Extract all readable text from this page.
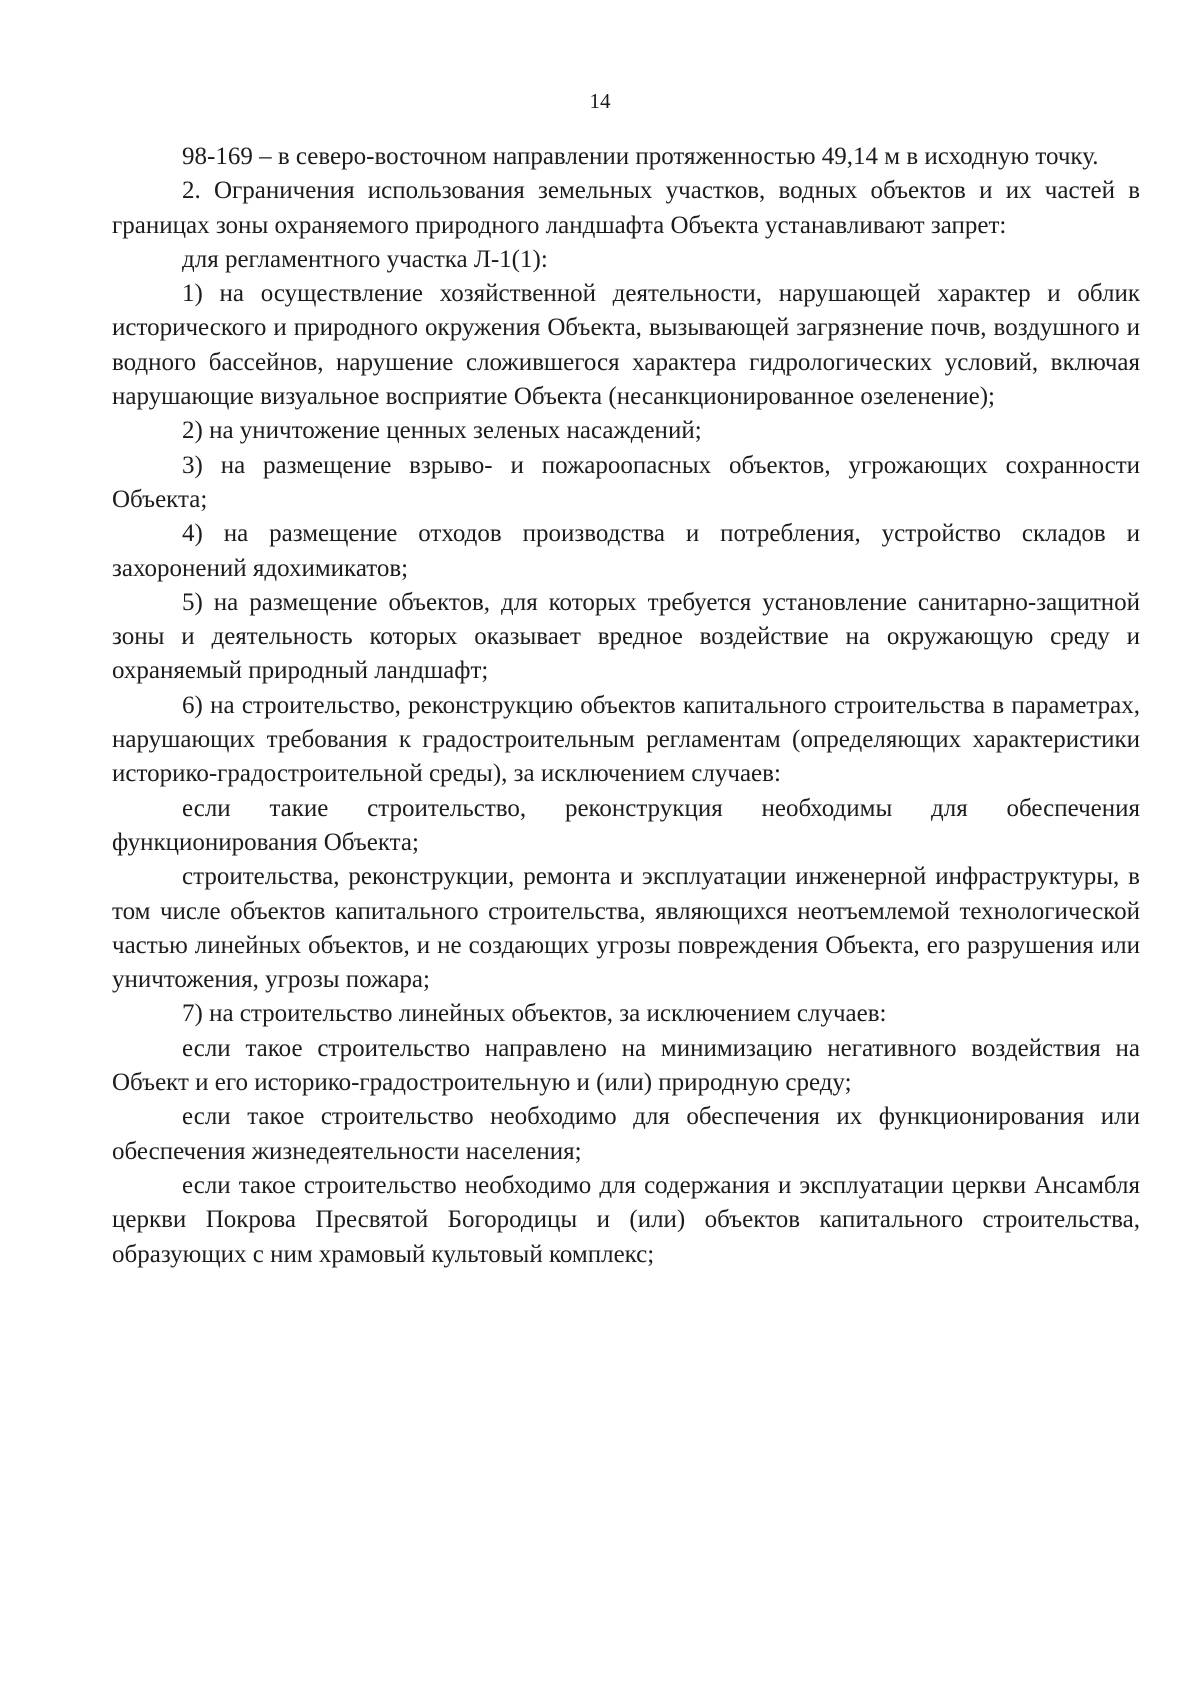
14

98-169 – в северо-восточном направлении протяженностью 49,14 м в исходную точку.

2. Ограничения использования земельных участков, водных объектов и их частей в границах зоны охраняемого природного ландшафта Объекта устанавливают запрет:

для регламентного участка Л-1(1):

1) на осуществление хозяйственной деятельности, нарушающей характер и облик исторического и природного окружения Объекта, вызывающей загрязнение почв, воздушного и водного бассейнов, нарушение сложившегося характера гидрологических условий, включая нарушающие визуальное восприятие Объекта (несанкционированное озеленение);

2) на уничтожение ценных зеленых насаждений;

3) на размещение взрыво- и пожароопасных объектов, угрожающих сохранности Объекта;

4) на размещение отходов производства и потребления, устройство складов и захоронений ядохимикатов;

5) на размещение объектов, для которых требуется установление санитарно-защитной зоны и деятельность которых оказывает вредное воздействие на окружающую среду и охраняемый природный ландшафт;

6) на строительство, реконструкцию объектов капитального строительства в параметрах, нарушающих требования к градостроительным регламентам (определяющих характеристики историко-градостроительной среды), за исключением случаев:

если такие строительство, реконструкция необходимы для обеспечения функционирования Объекта;

строительства, реконструкции, ремонта и эксплуатации инженерной инфраструктуры, в том числе объектов капитального строительства, являющихся неотъемлемой технологической частью линейных объектов, и не создающих угрозы повреждения Объекта, его разрушения или уничтожения, угрозы пожара;

7) на строительство линейных объектов, за исключением случаев:

если такое строительство направлено на минимизацию негативного воздействия на Объект и его историко-градостроительную и (или) природную среду;

если такое строительство необходимо для обеспечения их функционирования или обеспечения жизнедеятельности населения;

если такое строительство необходимо для содержания и эксплуатации церкви Ансамбля церкви Покрова Пресвятой Богородицы и (или) объектов капитального строительства, образующих с ним храмовый культовый комплекс;
